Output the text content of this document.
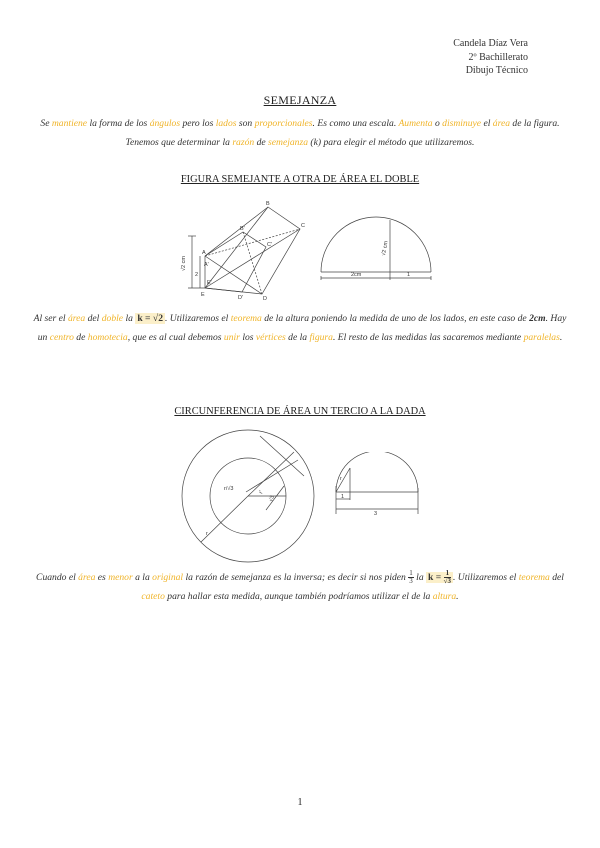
Candela Díaz Vera
2º Bachillerato
Dibujo Técnico
SEMEJANZA
Se mantiene la forma de los ángulos pero los lados son proporcionales. Es como una escala. Aumenta o disminuye el área de la figura. Tenemos que determinar la razón de semejanza (k) para elegir el método que utilizaremos.
FIGURA SEMEJANTE A OTRA DE ÁREA EL DOBLE
A
B
C
D
E
B'
C'
D'
A'
E'
√2 cm
2
√2 cm
2cm	1
Al ser el área del doble la k = √2 . Utilizaremos el teorema de la altura poniendo la medida de uno de los lados, en este caso de 2cm. Hay un centro de homotecia, que es al cual debemos unir los vértices de la figura. El resto de las medidas las sacaremos mediante paralelas.
CIRCUNFERENCIA DE ÁREA UN TERCIO A LA DADA
r
r/√3
r'
√3
r
3
1
Cuando el área es menor a la original la razón de semejanza es la inversa; es decir si nos piden $\frac{1}{3}$ la $k = \frac{1}{√3}$ . Utilizaremos el teorema del cateto para hallar esta medida, aunque también podríamos utilizar el de la altura.
1
